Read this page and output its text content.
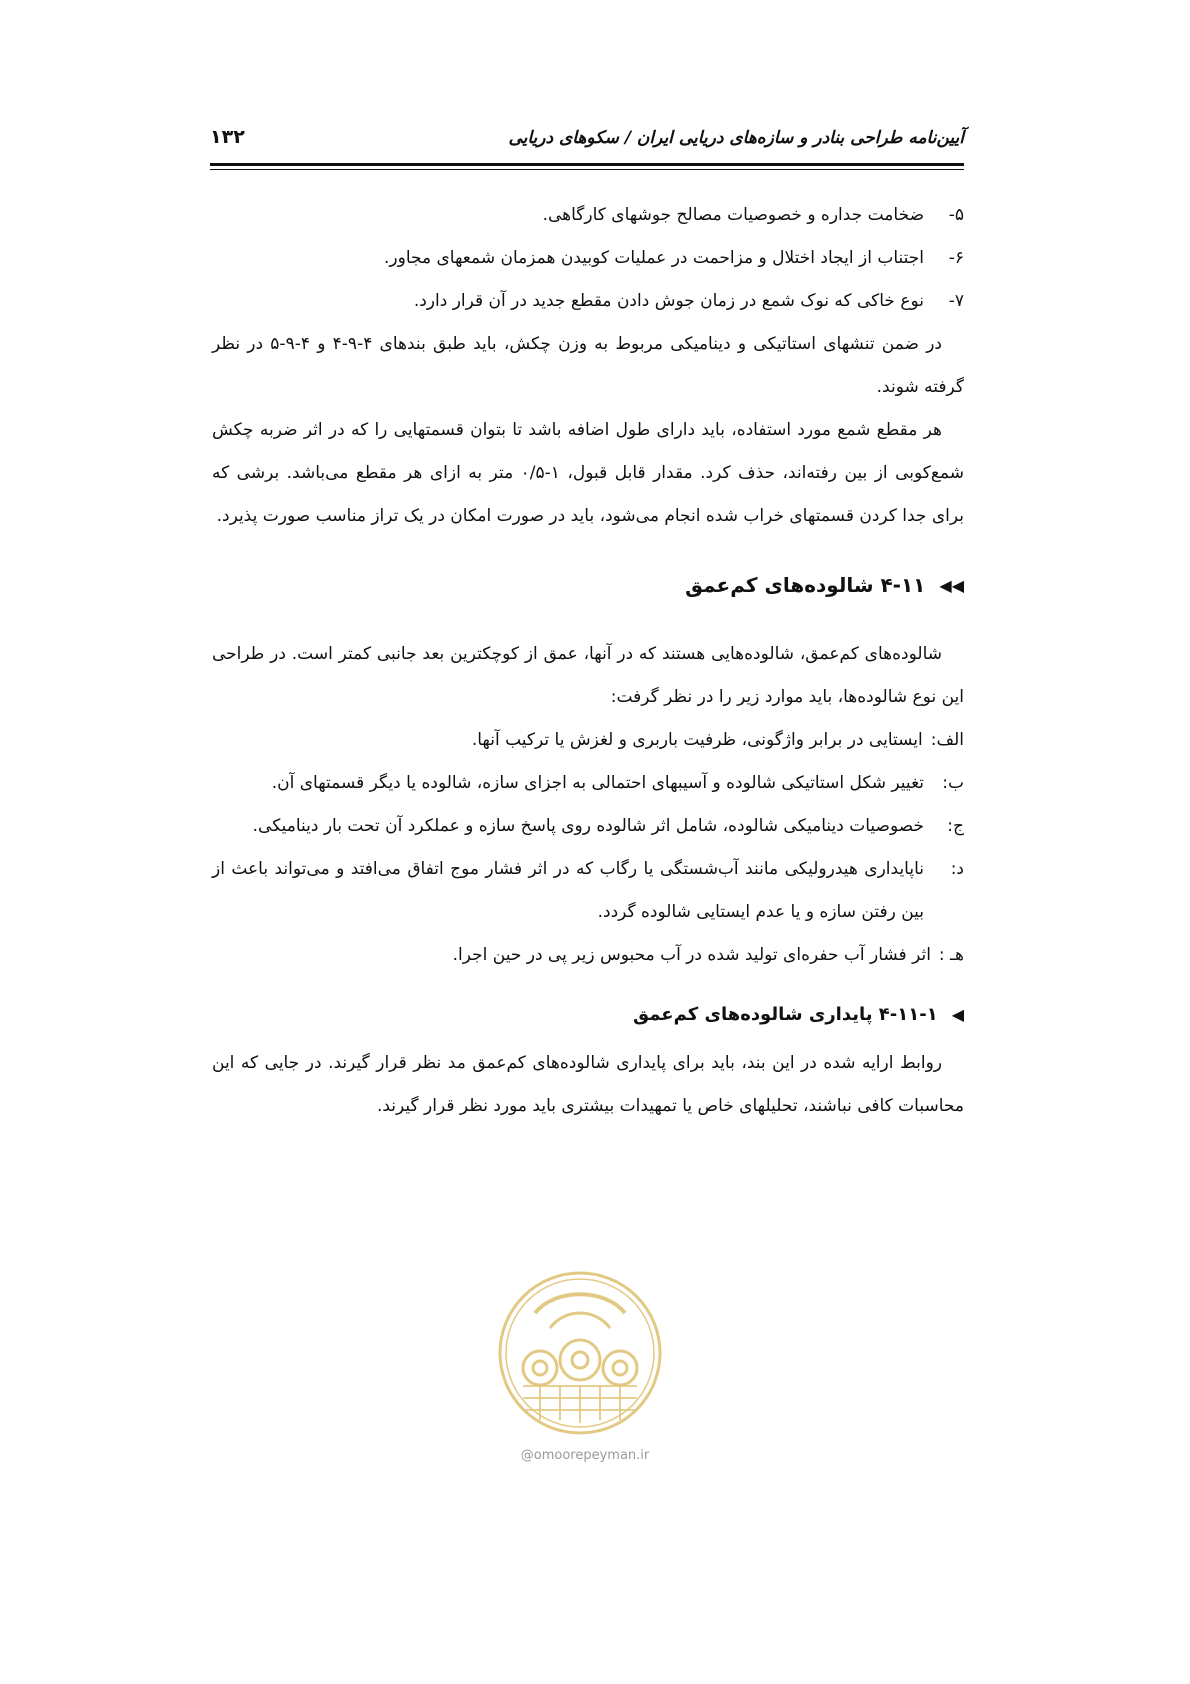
آیین‌نامه طراحی بنادر و سازه‌های دریایی ایران / سکوهای دریایی
۱۳۲
۵-
ضخامت جداره و خصوصیات مصالح جوشهای کارگاهی.
۶-
اجتناب از ایجاد اختلال و مزاحمت در عملیات کوبیدن همزمان شمعهای مجاور.
۷-
نوع خاکی که نوک شمع در زمان جوش دادن مقطع جدید در آن قرار دارد.

در ضمن تنشهای استاتیکی و دینامیکی مربوط به وزن چکش، باید طبق بندهای ۴-۹-۴ و ۴-۹-۵ در نظر گرفته شوند.

هر مقطع شمع مورد استفاده، باید دارای طول اضافه باشد تا بتوان قسمتهایی را که در اثر ضربه چکش شمع‌کوبی از بین رفته‌اند، حذف کرد. مقدار قابل قبول، ۱-۰/۵ متر به ازای هر مقطع می‌باشد. برشی که برای جدا کردن قسمتهای خراب شده انجام می‌شود، باید در صورت امکان در یک تراز مناسب صورت پذیرد.

◀◀
۴-۱۱ شالوده‌های کم‌عمق

شالوده‌های کم‌عمق، شالوده‌هایی هستند که در آنها، عمق از کوچکترین بعد جانبی کمتر است. در طراحی این نوع شالوده‌ها، باید موارد زیر را در نظر گرفت:

الف:
ایستایی در برابر واژگونی، ظرفیت باربری و لغزش یا ترکیب آنها.
ب:
تغییر شکل استاتیکی شالوده و آسیبهای احتمالی به اجزای سازه، شالوده یا دیگر قسمتهای آن.
ج:
خصوصیات دینامیکی شالوده، شامل اثر شالوده روی پاسخ سازه و عملکرد آن تحت بار دینامیکی.
د:
ناپایداری هیدرولیکی مانند آب‌شستگی یا رگاب که در اثر فشار موج اتفاق می‌افتد و می‌تواند باعث از بین رفتن سازه و یا عدم ایستایی شالوده گردد.
هـ :
اثر فشار آب حفره‌ای تولید شده در آب محبوس زیر پی در حین اجرا.
◀
۴-۱۱-۱ پایداری شالوده‌های کم‌عمق

روابط ارایه شده در این بند، باید برای پایداری شالوده‌های کم‌عمق مد نظر قرار گیرند. در جایی که این محاسبات کافی نباشند، تحلیلهای خاص یا تمهیدات بیشتری باید مورد نظر قرار گیرند.

@omoorepeyman.ir
